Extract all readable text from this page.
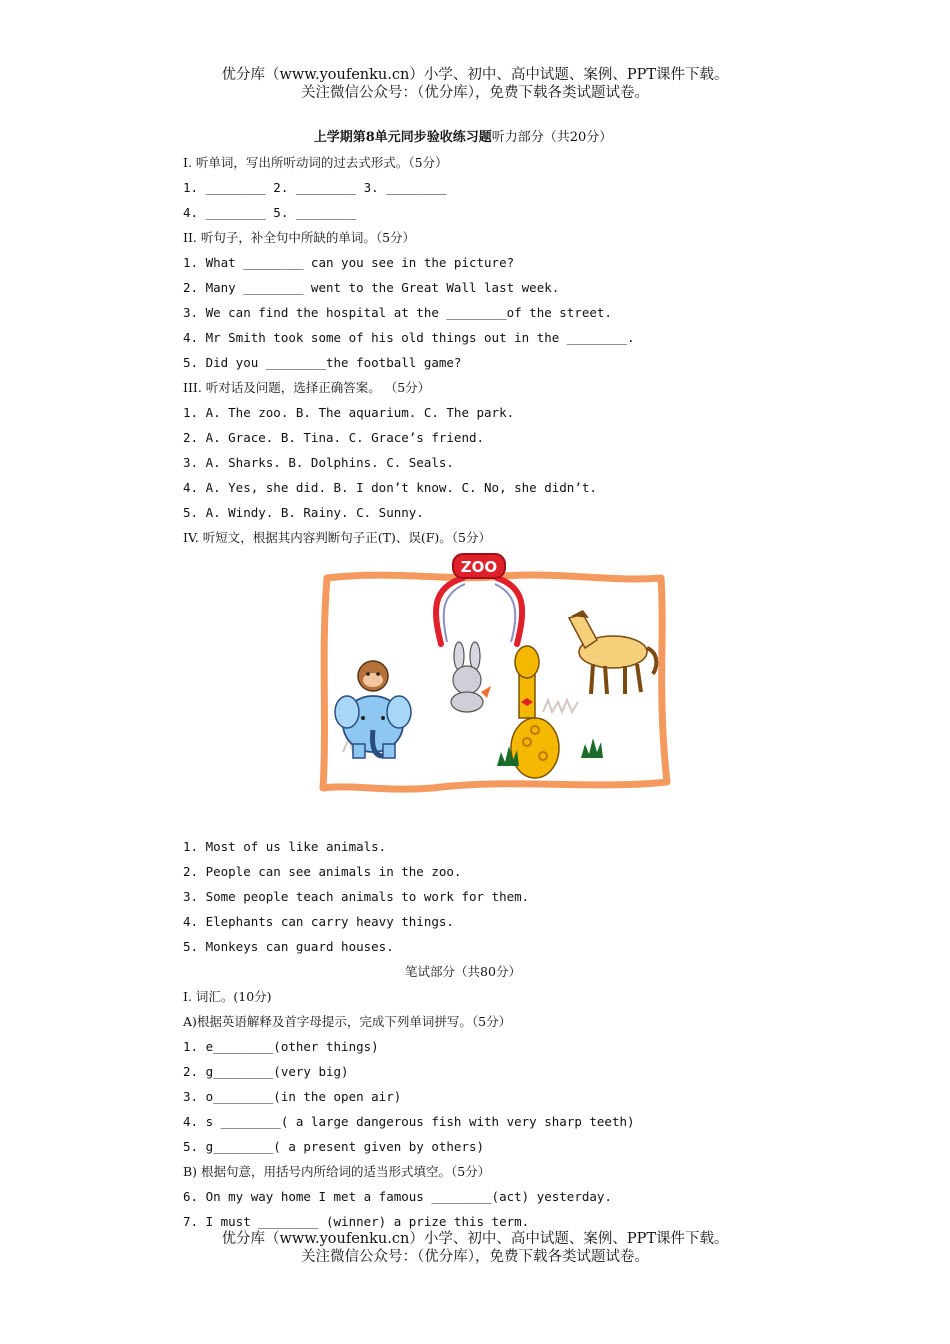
优分库（www.youfenku.cn）小学、初中、高中试题、案例、PPT课件下载。
关注微信公众号：（优分库），免费下载各类试题试卷。
上学期第8单元同步验收练习题听力部分（共20分）
I. 听单词，写出所听动词的过去式形式。（5分）
1. ________ 2. ________ 3. ________
4. ________ 5. ________
II. 听句子，补全句中所缺的单词。（5分）
1. What ________ can you see in the picture?
2. Many ________ went to the Great Wall last week.
3. We can find the hospital at the ________of the street.
4. Mr Smith took some of his old things out in the ________.
5. Did you ________the football game?
III. 听对话及问题，选择正确答案。 （5分）
1. A. The zoo. B. The aquarium. C. The park.
2. A. Grace. B. Tina. C. Grace’s friend.
3. A. Sharks. B. Dolphins. C. Seals.
4. A. Yes, she did. B. I don’t know. C. No, she didn’t.
5. A. Windy. B. Rainy. C. Sunny.
IV. 听短文，根据其内容判断句子正(T)、误(F)。（5分）
ZOO
1. Most of us like animals.
2. People can see animals in the zoo.
3. Some people teach animals to work for them.
4. Elephants can carry heavy things.
5. Monkeys can guard houses.
笔试部分（共80分）
I. 词汇。(10分)
A)根据英语解释及首字母提示，完成下列单词拼写。（5分）
1. e________(other things)
2. g________(very big)
3. o________(in the open air)
4. s ________( a large dangerous fish with very sharp teeth)
5. g________( a present given by others)
B) 根据句意，用括号内所给词的适当形式填空。（5分）
6. On my way home I met a famous ________(act) yesterday.
7. I must ________ (winner) a prize this term.
优分库（www.youfenku.cn）小学、初中、高中试题、案例、PPT课件下载。
关注微信公众号：（优分库），免费下载各类试题试卷。
